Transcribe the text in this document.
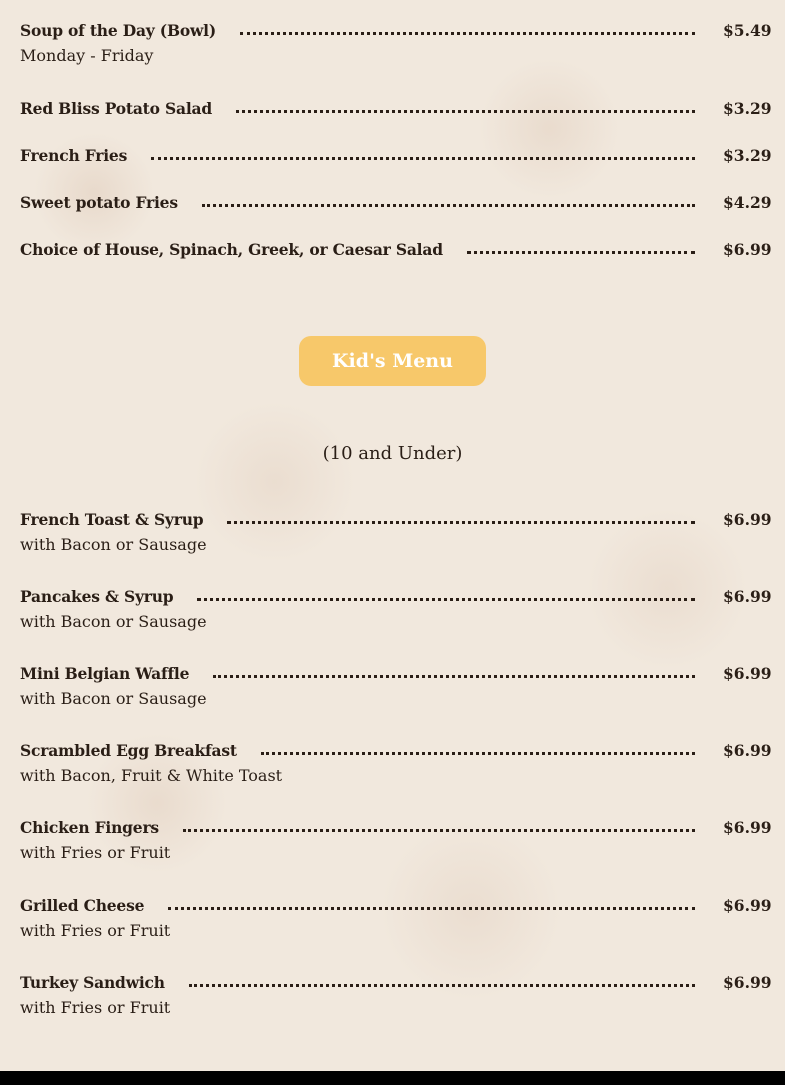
Soup of the Day (Bowl)	$5.49
Monday - Friday
Red Bliss Potato Salad	$3.29
French Fries	$3.29
Sweet potato Fries	$4.29
Choice of House, Spinach, Greek, or Caesar Salad	$6.99
Kid's Menu
(10 and Under)
French Toast & Syrup	$6.99
with Bacon or Sausage
Pancakes & Syrup	$6.99
with Bacon or Sausage
Mini Belgian Waffle	$6.99
with Bacon or Sausage
Scrambled Egg Breakfast	$6.99
with Bacon, Fruit & White Toast
Chicken Fingers	$6.99
with Fries or Fruit
Grilled Cheese	$6.99
with Fries or Fruit
Turkey Sandwich	$6.99
with Fries or Fruit
